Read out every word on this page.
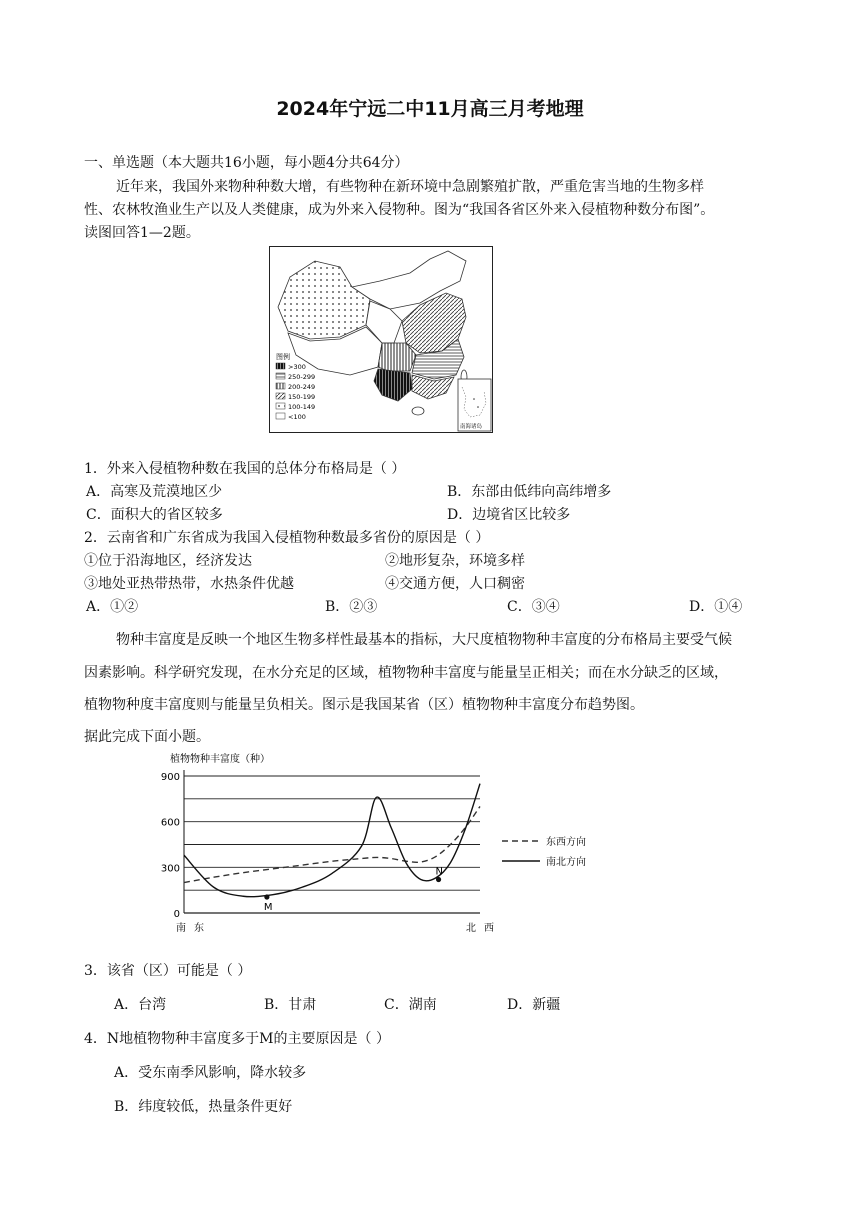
2024年宁远二中11月高三月考地理
一、单选题（本大题共16小题，每小题4分共64分）
近年来，我国外来物种种数大增，有些物种在新环境中急剧繁殖扩散，严重危害当地的生物多样
性、农林牧渔业生产以及人类健康，成为外来入侵物种。图为“我国各省区外来入侵植物种数分布图”。
读图回答1—2题。
图例
>300
250-299
200-249
150-199
100-149
<100
南海诸岛
1．外来入侵植物种数在我国的总体分布格局是（ ）
A．高寒及荒漠地区少	B．东部由低纬向高纬增多
C．面积大的省区较多	D．边境省区比较多
2．云南省和广东省成为我国入侵植物种数最多省份的原因是（ ）
①位于沿海地区，经济发达	②地形复杂，环境多样
③地处亚热带热带，水热条件优越	④交通方便，人口稠密
A．①②	B．②③	C．③④	D．①④
物种丰富度是反映一个地区生物多样性最基本的指标，大尺度植物物种丰富度的分布格局主要受气候
因素影响。科学研究发现，在水分充足的区域，植物物种丰富度与能量呈正相关；而在水分缺乏的区域，
植物物种度丰富度则与能量呈负相关。图示是我国某省（区）植物物种丰富度分布趋势图。
据此完成下面小题。
植物物种丰富度（种）
900
600
300
0
M
N
南 东	北 西
东西方向
南北方向
3．该省（区）可能是（ ）
A．台湾	B．甘肃	C．湖南	D．新疆
4．N地植物物种丰富度多于M的主要原因是（ ）
A．受东南季风影响，降水较多
B．纬度较低，热量条件更好
